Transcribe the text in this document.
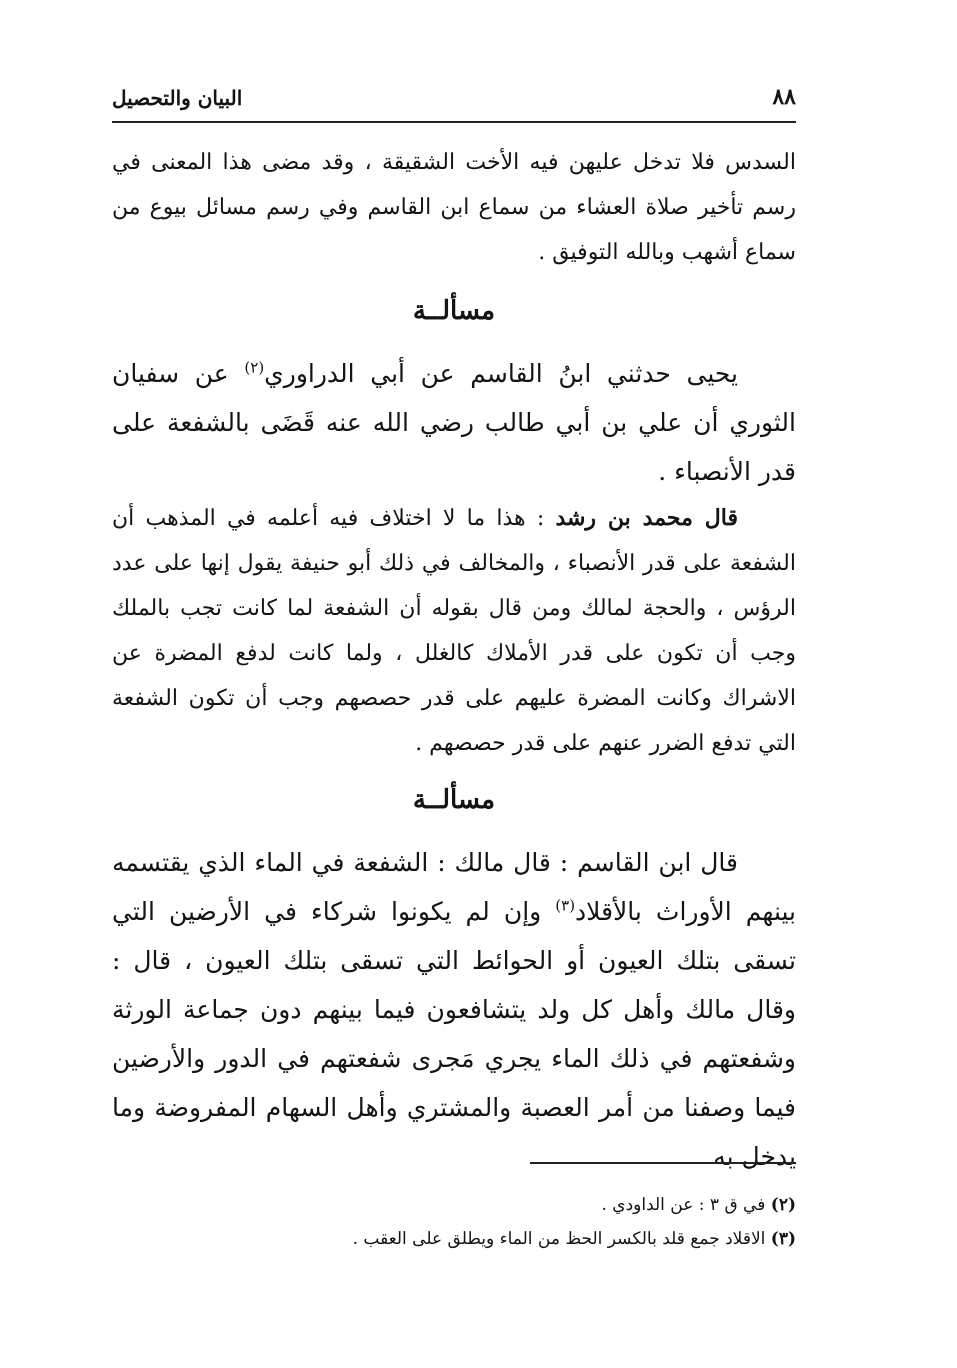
٨٨
البيان والتحصيل

السدس فلا تدخل عليهن فيه الأخت الشقيقة ، وقد مضى هذا المعنى في رسم تأخير صلاة العشاء من سماع ابن القاسم وفي رسم مسائل بيوع من سماع أشهب وبالله التوفيق .

مسألــة

يحيى حدثني ابنُ القاسم عن أبي الدراوري$^{(٢)}$ عن سفيان الثوري أن علي بن أبي طالب رضي الله عنه قَضَى بالشفعة على قدر الأنصباء .

قال محمد بن رشد : هذا ما لا اختلاف فيه أعلمه في المذهب أن الشفعة على قدر الأنصباء ، والمخالف في ذلك أبو حنيفة يقول إنها على عدد الرؤس ، والحجة لمالك ومن قال بقوله أن الشفعة لما كانت تجب بالملك وجب أن تكون على قدر الأملاك كالغلل ، ولما كانت لدفع المضرة عن الاشراك وكانت المضرة عليهم على قدر حصصهم وجب أن تكون الشفعة التي تدفع الضرر عنهم على قدر حصصهم .

مسألــة

قال ابن القاسم : قال مالك : الشفعة في الماء الذي يقتسمه بينهم الأوراث بالأقلاد$^{(٣)}$ وإن لم يكونوا شركاء في الأرضين التي تسقى بتلك العيون أو الحوائط التي تسقى بتلك العيون ، قال : وقال مالك وأهل كل ولد يتشافعون فيما بينهم دون جماعة الورثة وشفعتهم في ذلك الماء يجري مَجرى شفعتهم في الدور والأرضين فيما وصفنا من أمر العصبة والمشتري وأهل السهام المفروضة وما يدخل به

(٢) في ق ٣ : عن الداودي .

(٣) الاقلاد جمع قلد بالكسر الحظ من الماء ويطلق على العقب .
